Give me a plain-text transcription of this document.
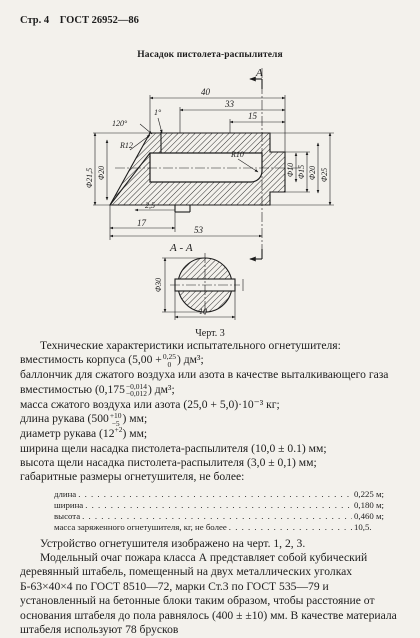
Стр. 4 ГОСТ 26952—86
Насадок пистолета-распылителя
А
40
33
15
120°
1°
R12
R10
2,5
17
53
Φ21,5 Φ20	Φ10 Φ15 Φ20 Φ25
А - А
Φ30
10
Черт. 3

Технические характеристики испытательного огнетушителя:

вместимость корпуса (5,00 + 0,25
0 ) дм³;

баллончик для сжатого воздуха или азота в качестве выталкивающего газа вместимостью (0,175 −0,014
−0,012 ) дм³;

масса сжатого воздуха или азота (25,0 + 5,0)·10⁻³ кг;

длина рукава (500 +10
−5 ) мм;

диаметр рукава $(12^{+2})$ мм;

ширина щели насадка пистолета-распылителя (10,0 ± 0.1) мм;

высота щели насадка пистолета-распылителя (3,0 ± 0,1) мм;

габаритные размеры огнетушителя, не более:

длина . . .	0,225 м;
ширина . . .	0,180 м;
высота . . .	0,460 м;
масса заряженного огнетушителя, кг, не более . . .	10,5.

Устройство огнетушителя изображено на черт. 1, 2, 3.

Модельный очаг пожара класса А представляет собой кубический деревянный штабель, помещенный на двух металлических уголках Б-63×40×4 по ГОСТ 8510—72, марки Ст.3 по ГОСТ 535—79 и установленный на бетонные блоки таким образом, чтобы расстояние от основания штабеля до пола равнялось (400 ± ±10) мм. В качестве материала штабеля используют 78 брусков
